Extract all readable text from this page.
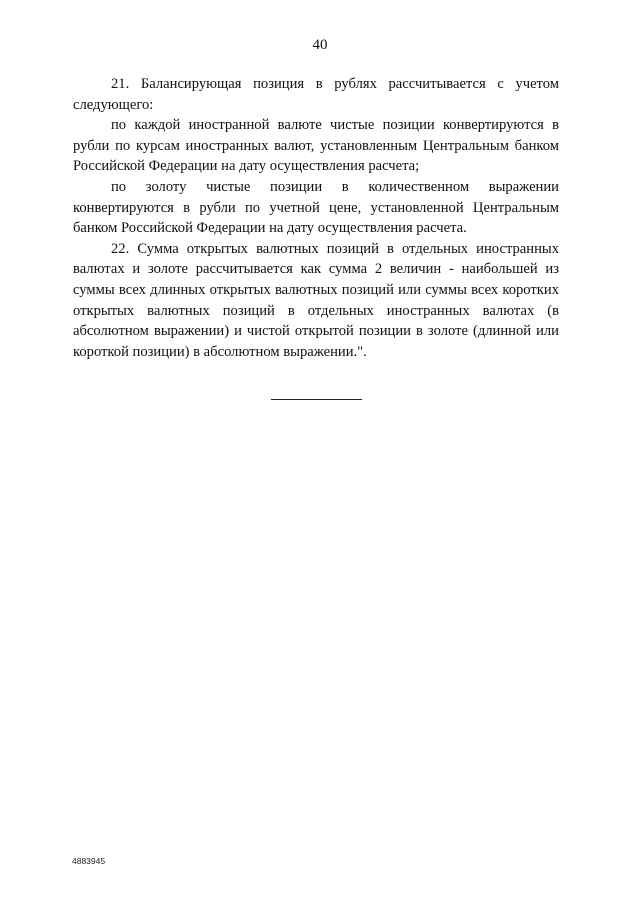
40

21. Балансирующая позиция в рублях рассчитывается с учетом следующего:

по каждой иностранной валюте чистые позиции конвертируются в рубли по курсам иностранных валют, установленным Центральным банком Российской Федерации на дату осуществления расчета;

по золоту чистые позиции в количественном выражении конвертируются в рубли по учетной цене, установленной Центральным банком Российской Федерации на дату осуществления расчета.

22. Сумма открытых валютных позиций в отдельных иностранных валютах и золоте рассчитывается как сумма 2 величин - наибольшей из суммы всех длинных открытых валютных позиций или суммы всех коротких открытых валютных позиций в отдельных иностранных валютах (в абсолютном выражении) и чистой открытой позиции в золоте (длинной или короткой позиции) в абсолютном выражении.".

4883945
